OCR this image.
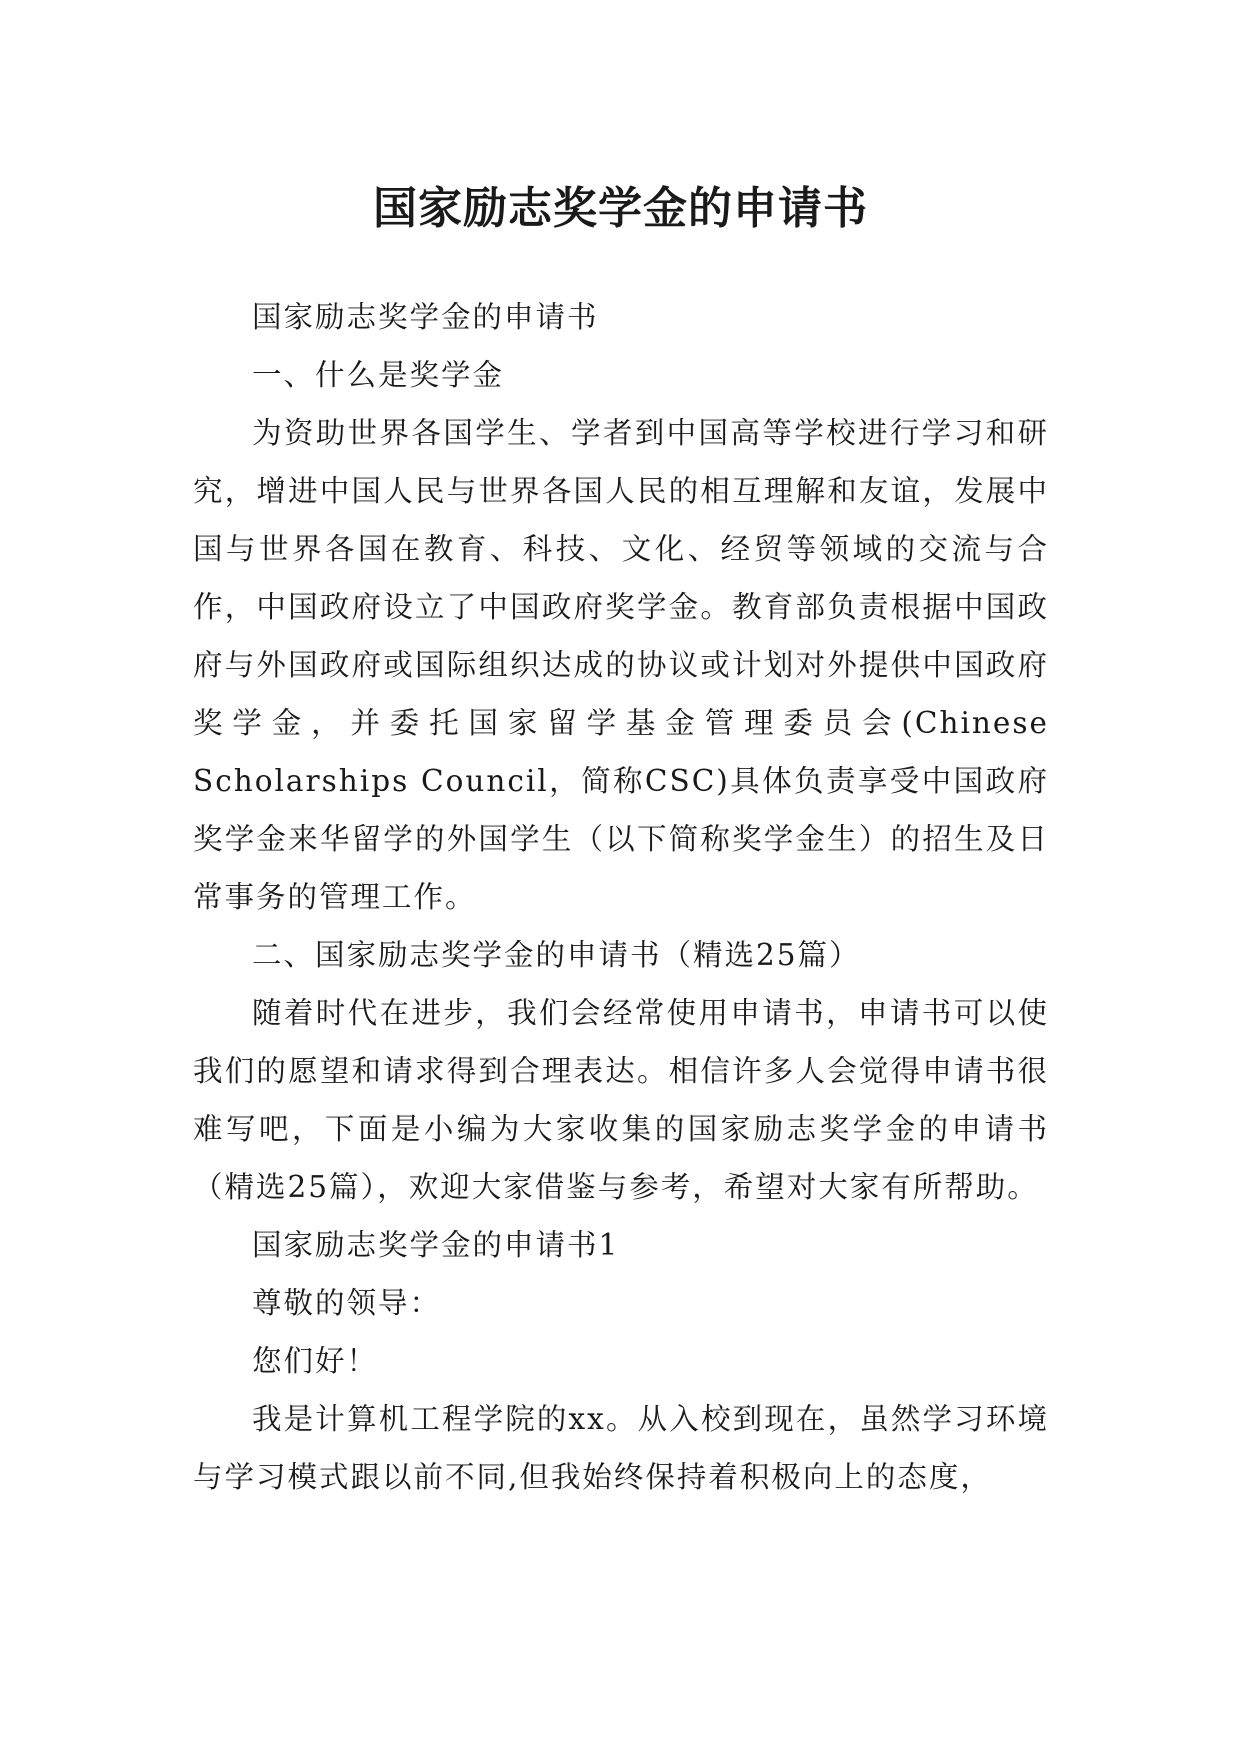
国家励志奖学金的申请书

国家励志奖学金的申请书

一、什么是奖学金

为资助世界各国学生、学者到中国高等学校进行学习和研究，增进中国人民与世界各国人民的相互理解和友谊，发展中国与世界各国在教育、科技、文化、经贸等领域的交流与合作，中国政府设立了中国政府奖学金。教育部负责根据中国政府与外国政府或国际组织达成的协议或计划对外提供中国政府奖学金，并委托国家留学基金管理委员会(Chinese Scholarships Council，简称CSC)具体负责享受中国政府奖学金来华留学的外国学生（以下简称奖学金生）的招生及日常事务的管理工作。

二、国家励志奖学金的申请书（精选25篇）

随着时代在进步，我们会经常使用申请书，申请书可以使我们的愿望和请求得到合理表达。相信许多人会觉得申请书很难写吧，下面是小编为大家收集的国家励志奖学金的申请书（精选25篇），欢迎大家借鉴与参考，希望对大家有所帮助。

国家励志奖学金的申请书1

尊敬的领导：

您们好！

我是计算机工程学院的xx。从入校到现在，虽然学习环境与学习模式跟以前不同,但我始终保持着积极向上的态度，
